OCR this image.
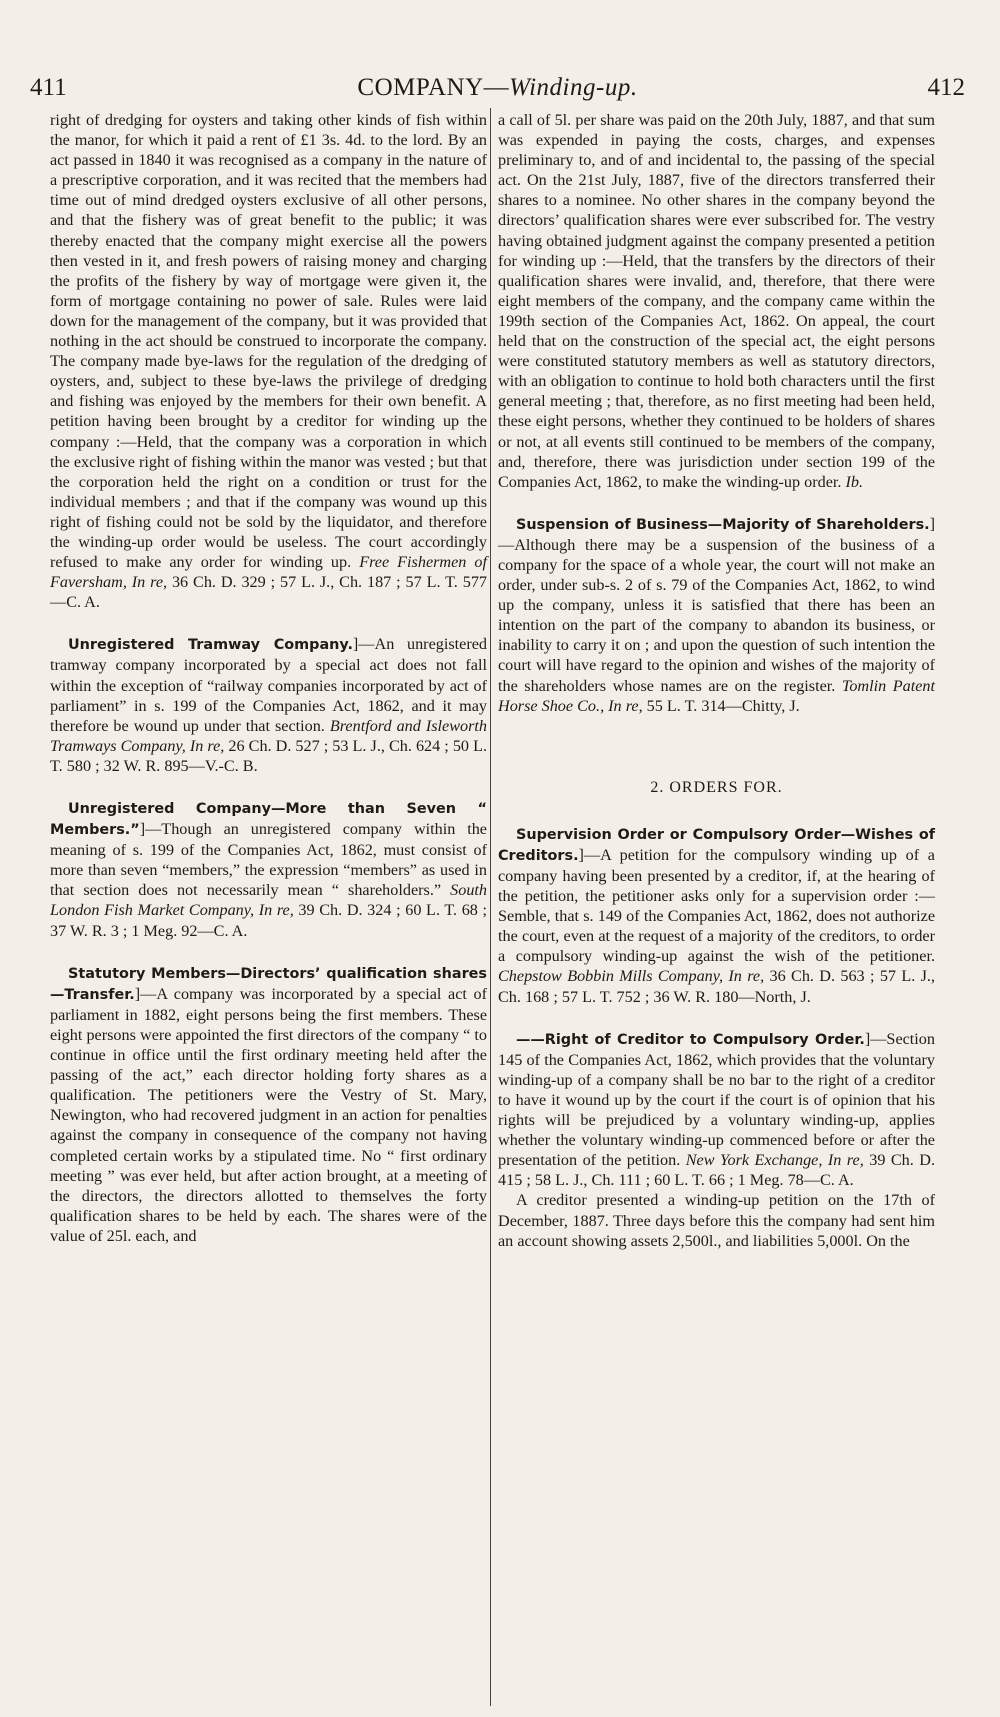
411	COMPANY—Winding-up.	412

right of dredging for oysters and taking other kinds of fish within the manor, for which it paid a rent of £1 3s. 4d. to the lord. By an act passed in 1840 it was recognised as a company in the nature of a prescriptive corporation, and it was recited that the members had time out of mind dredged oysters exclusive of all other persons, and that the fishery was of great benefit to the public; it was thereby enacted that the company might exercise all the powers then vested in it, and fresh powers of raising money and charging the profits of the fishery by way of mortgage were given it, the form of mortgage containing no power of sale. Rules were laid down for the management of the company, but it was provided that nothing in the act should be construed to incorporate the company. The company made bye-laws for the regulation of the dredging of oysters, and, subject to these bye-laws the privilege of dredging and fishing was enjoyed by the members for their own benefit. A petition having been brought by a creditor for winding up the company :—Held, that the company was a corporation in which the exclusive right of fishing within the manor was vested ; but that the corporation held the right on a condition or trust for the individual members ; and that if the company was wound up this right of fishing could not be sold by the liquidator, and therefore the winding-up order would be useless. The court accordingly refused to make any order for winding up. Free Fishermen of Faversham, In re, 36 Ch. D. 329 ; 57 L. J., Ch. 187 ; 57 L. T. 577—C. A.

Unregistered Tramway Company.]—An unregistered tramway company incorporated by a special act does not fall within the exception of “railway companies incorporated by act of parliament” in s. 199 of the Companies Act, 1862, and it may therefore be wound up under that section. Brentford and Isleworth Tramways Company, In re, 26 Ch. D. 527 ; 53 L. J., Ch. 624 ; 50 L. T. 580 ; 32 W. R. 895—V.-C. B.

Unregistered Company—More than Seven “ Members.”]—Though an unregistered company within the meaning of s. 199 of the Companies Act, 1862, must consist of more than seven “members,” the expression “members” as used in that section does not necessarily mean “ shareholders.” South London Fish Market Company, In re, 39 Ch. D. 324 ; 60 L. T. 68 ; 37 W. R. 3 ; 1 Meg. 92—C. A.

Statutory Members—Directors’ qualification shares—Transfer.]—A company was incorporated by a special act of parliament in 1882, eight persons being the first members. These eight persons were appointed the first directors of the company “ to continue in office until the first ordinary meeting held after the passing of the act,” each director holding forty shares as a qualification. The petitioners were the Vestry of St. Mary, Newington, who had recovered judgment in an action for penalties against the company in consequence of the company not having completed certain works by a stipulated time. No “ first ordinary meeting ” was ever held, but after action brought, at a meeting of the directors, the directors allotted to themselves the forty qualification shares to be held by each. The shares were of the value of 25l. each, and

a call of 5l. per share was paid on the 20th July, 1887, and that sum was expended in paying the costs, charges, and expenses preliminary to, and of and incidental to, the passing of the special act. On the 21st July, 1887, five of the directors transferred their shares to a nominee. No other shares in the company beyond the directors’ qualification shares were ever subscribed for. The vestry having obtained judgment against the company presented a petition for winding up :—Held, that the transfers by the directors of their qualification shares were invalid, and, therefore, that there were eight members of the company, and the company came within the 199th section of the Companies Act, 1862. On appeal, the court held that on the construction of the special act, the eight persons were constituted statutory members as well as statutory directors, with an obligation to continue to hold both characters until the first general meeting ; that, therefore, as no first meeting had been held, these eight persons, whether they continued to be holders of shares or not, at all events still continued to be members of the company, and, therefore, there was jurisdiction under section 199 of the Companies Act, 1862, to make the winding-up order. Ib.

Suspension of Business—Majority of Shareholders.]—Although there may be a suspension of the business of a company for the space of a whole year, the court will not make an order, under sub-s. 2 of s. 79 of the Companies Act, 1862, to wind up the company, unless it is satisfied that there has been an intention on the part of the company to abandon its business, or inability to carry it on ; and upon the question of such intention the court will have regard to the opinion and wishes of the majority of the shareholders whose names are on the register. Tomlin Patent Horse Shoe Co., In re, 55 L. T. 314—Chitty, J.

2. ORDERS FOR.

Supervision Order or Compulsory Order—Wishes of Creditors.]—A petition for the compulsory winding up of a company having been presented by a creditor, if, at the hearing of the petition, the petitioner asks only for a supervision order :—Semble, that s. 149 of the Companies Act, 1862, does not authorize the court, even at the request of a majority of the creditors, to order a compulsory winding-up against the wish of the petitioner. Chepstow Bobbin Mills Company, In re, 36 Ch. D. 563 ; 57 L. J., Ch. 168 ; 57 L. T. 752 ; 36 W. R. 180—North, J.

——Right of Creditor to Compulsory Order.]—Section 145 of the Companies Act, 1862, which provides that the voluntary winding-up of a company shall be no bar to the right of a creditor to have it wound up by the court if the court is of opinion that his rights will be prejudiced by a voluntary winding-up, applies whether the voluntary winding-up commenced before or after the presentation of the petition. New York Exchange, In re, 39 Ch. D. 415 ; 58 L. J., Ch. 111 ; 60 L. T. 66 ; 1 Meg. 78—C. A.

A creditor presented a winding-up petition on the 17th of December, 1887. Three days before this the company had sent him an account showing assets 2,500l., and liabilities 5,000l. On the
